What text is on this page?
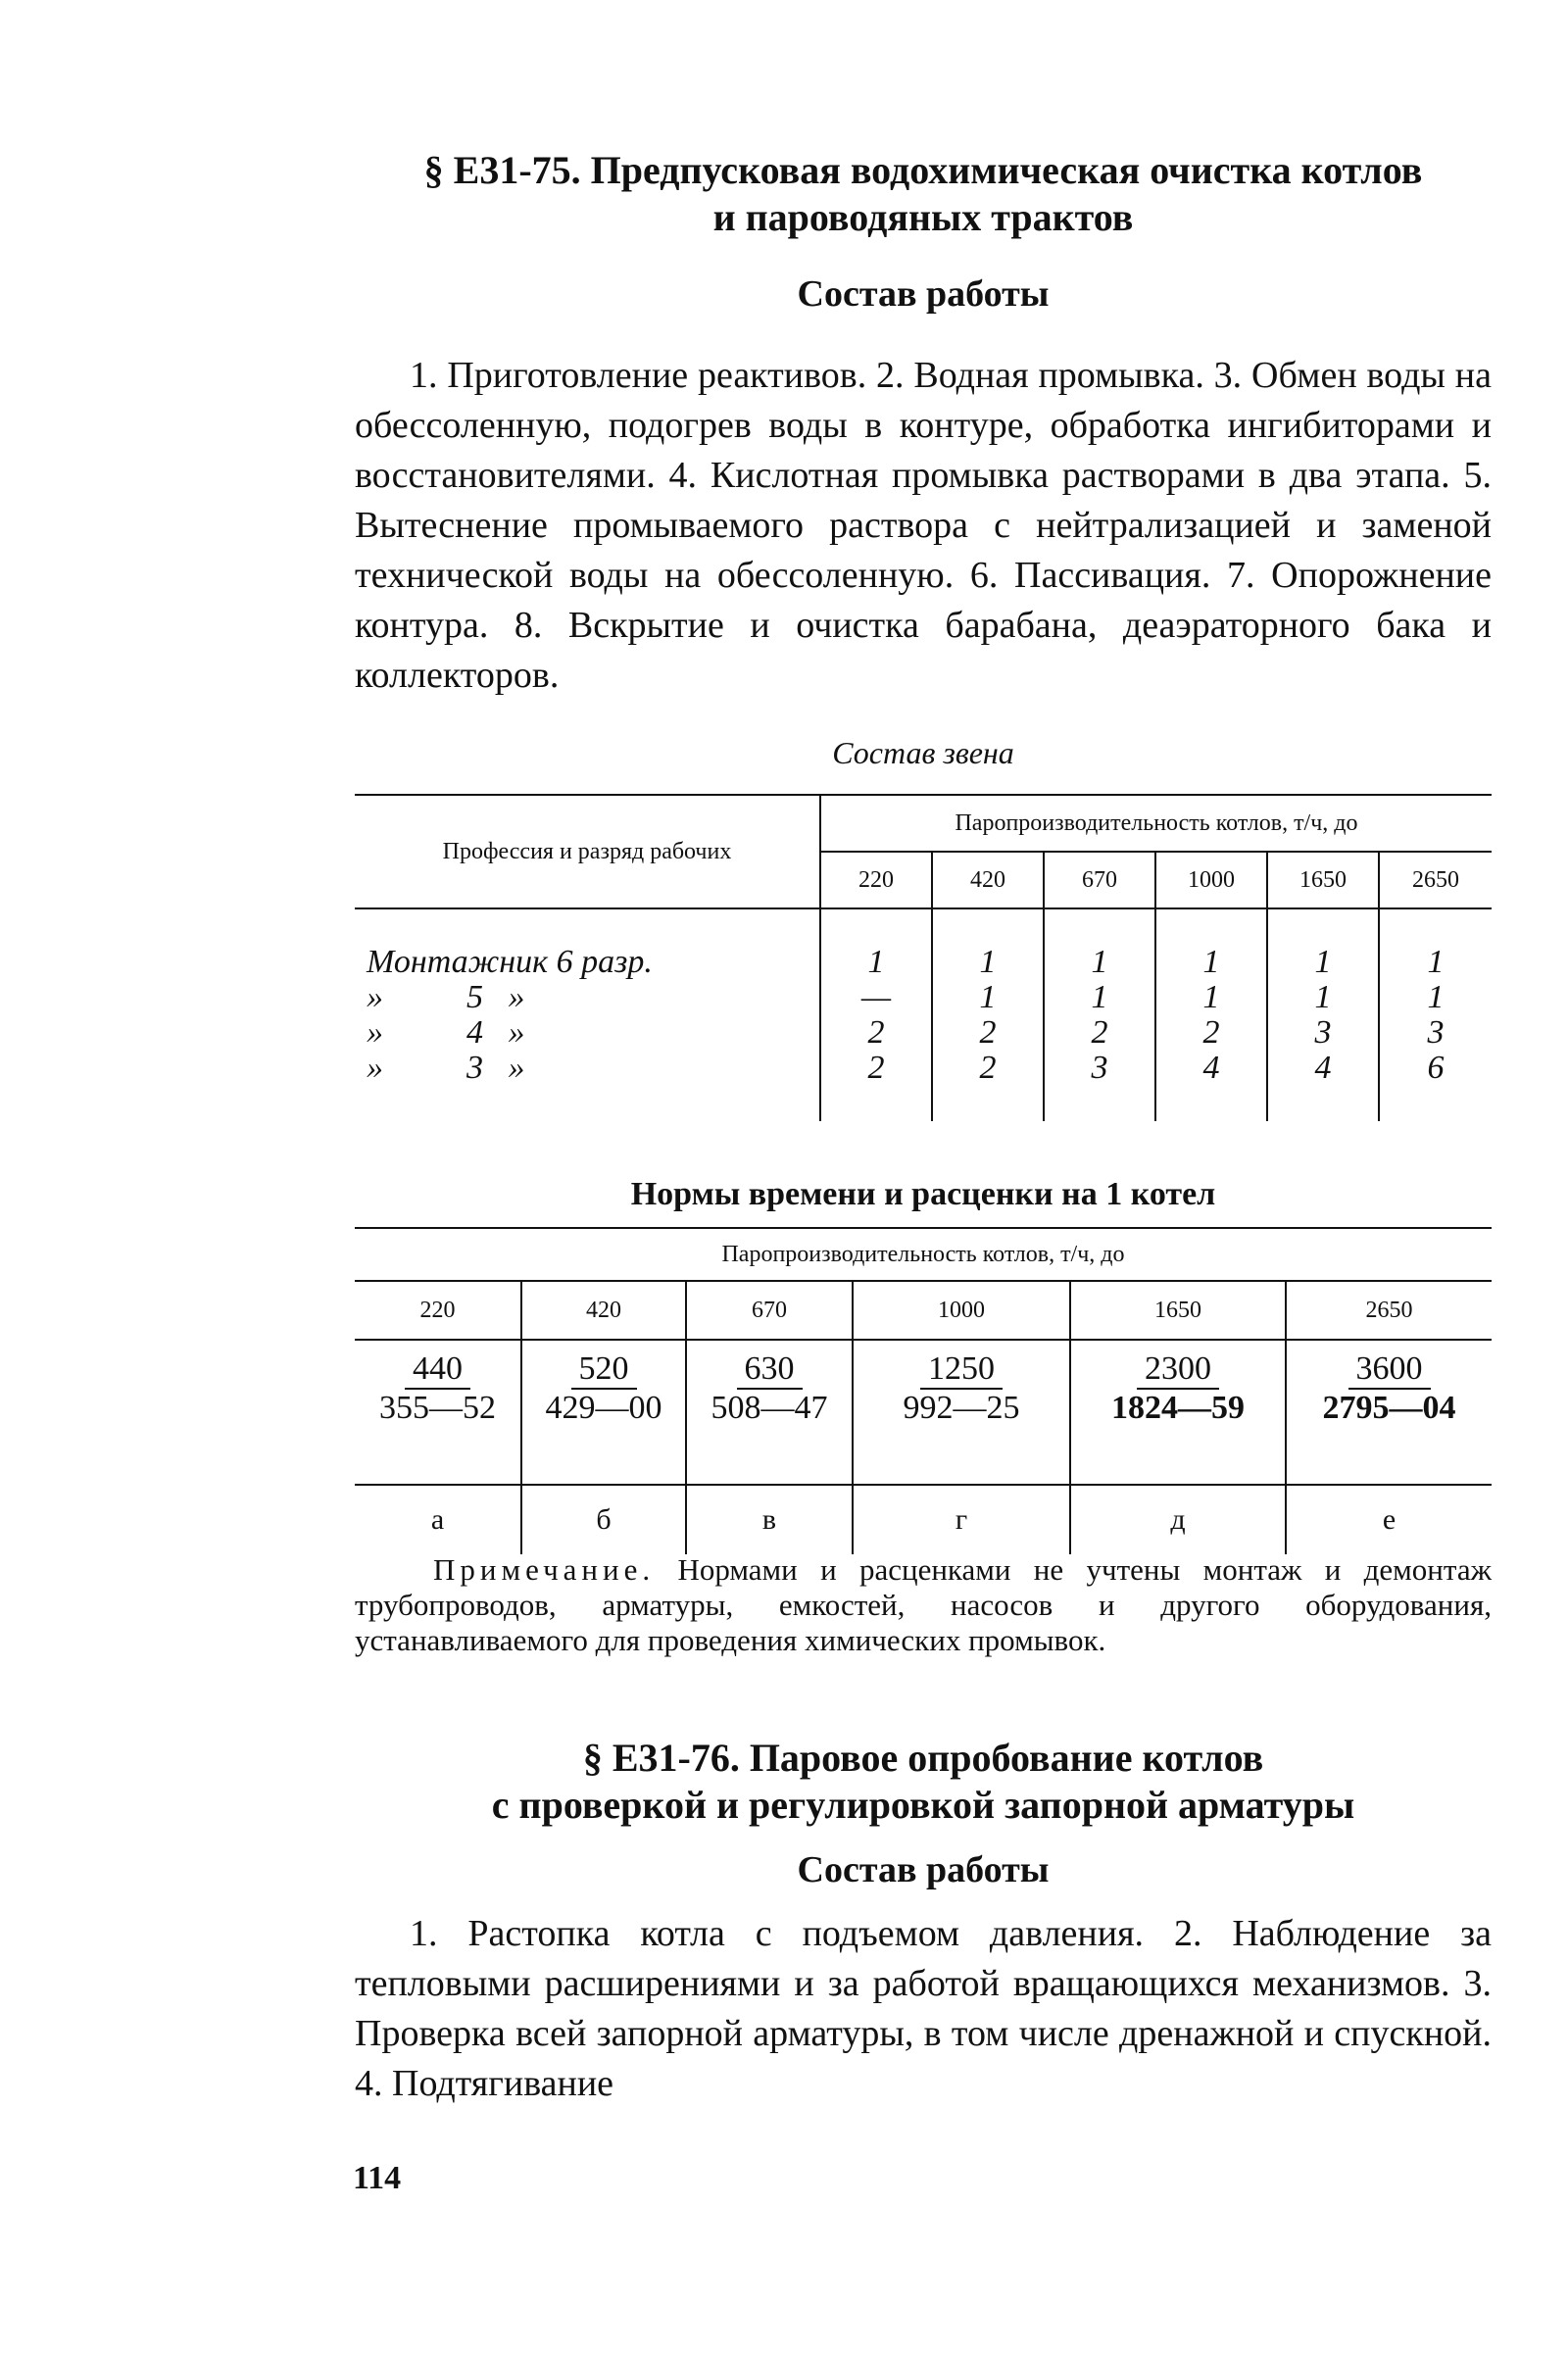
§ Е31-75. Предпусковая водохимическая очистка котлов
и пароводяных трактов
Состав работы

1. Приготовление реактивов. 2. Водная промывка. 3. Обмен воды на обессоленную, подогрев воды в контуре, обработка ингибиторами и восстановителями. 4. Кислотная промывка растворами в два этапа. 5. Вытеснение промываемого раствора с нейтрализацией и заменой технической воды на обессоленную. 6. Пассивация. 7. Опорожнение контура. 8. Вскрытие и очистка барабана, деаэраторного бака и коллекторов.

Состав звена
Профессия и разряд рабочих	Паропроизводительность котлов, т/ч, до					
	220	420	670	1000	1650	2650

Монтажник 6 разр.	1	1	1	1	1	1
»          5   »	—	1	1	1	1	1
»          4   »	2	2	2	2	3	3
»          3   »	2	2	3	4	4	6

Нормы времени и расценки на 1 котел
Паропроизводительность котлов, т/ч, до					
220	420	670	1000	1650	2650
440	520	630	1250	2300	3600
355—52	429—00	508—47	992—25	1824—59	2795—04

а	б	в	г	д	е

Примечание. Нормами и расценками не учтены монтаж и демонтаж трубопроводов, арматуры, емкостей, насосов и другого оборудования, устанавливаемого для проведения химических промывок.

§ Е31-76. Паровое опробование котлов
с проверкой и регулировкой запорной арматуры
Состав работы

1. Растопка котла с подъемом давления. 2. Наблюдение за тепловыми расширениями и за работой вращающихся механизмов. 3. Проверка всей запорной арматуры, в том числе дренажной и спускной. 4. Подтягивание

114
